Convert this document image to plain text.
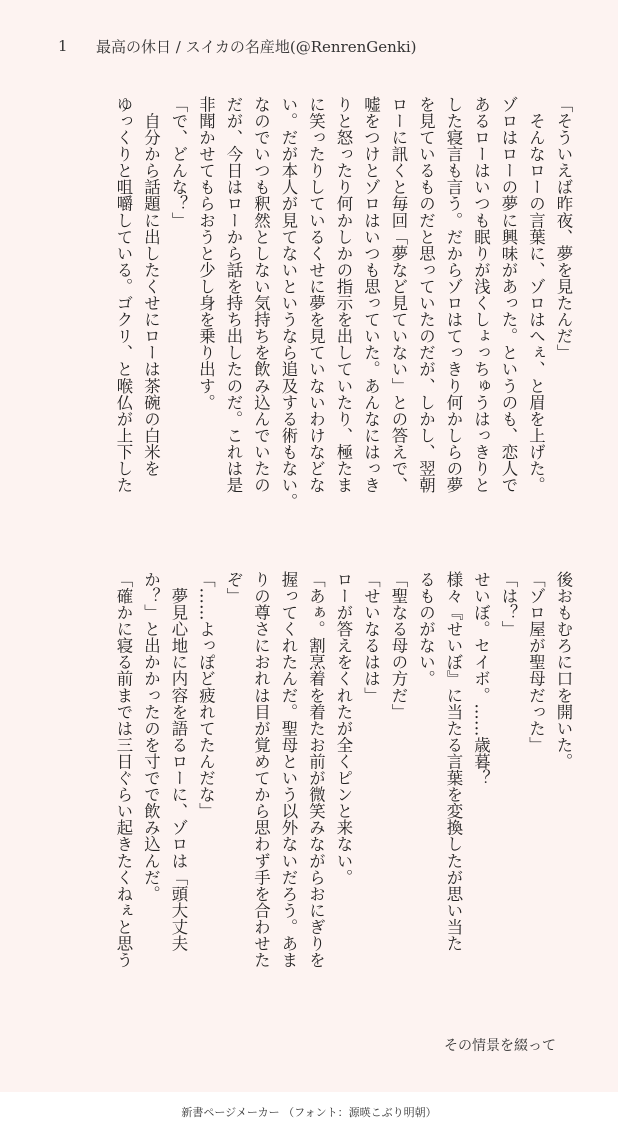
1	最高の休日 / スイカの名産地(@RenrenGenki)
「そういえば昨夜、夢を見たんだ」
　そんなローの言葉に、ゾロはへぇ、と眉を上げた。
ゾロはローの夢に興味があった。というのも、恋人で
あるローはいつも眠りが浅くしょっちゅうはっきりと
した寝言も言う。だからゾロはてっきり何かしらの夢
を見ているものだと思っていたのだが、しかし、翌朝
ローに訊くと毎回「夢など見ていない」との答えで、
嘘をつけとゾロはいつも思っていた。あんなにはっき
りと怒ったり何かしかの指示を出していたり、極たま
に笑ったりしているくせに夢を見ていないわけなどな
い。だが本人が見てないというなら追及する術もない。
なのでいつも釈然としない気持ちを飲み込んでいたの
だが、今日はローから話を持ち出したのだ。これは是
非聞かせてもらおうと少し身を乗り出す。
「で、どんな？」
　自分から話題に出したくせにローは茶碗の白米を
ゆっくりと咀嚼している。ゴクリ、と喉仏が上下した
後おもむろに口を開いた。
「ゾロ屋が聖母だった」
「は？」
せいぼ。セイボ。……歳暮？
様々『せいぼ』に当たる言葉を変換したが思い当た
るものがない。
「聖なる母の方だ」
「せいなるはは」
ローが答えをくれたが全くピンと来ない。
「あぁ。割烹着を着たお前が微笑みながらおにぎりを
握ってくれたんだ。聖母という以外ないだろう。あま
りの尊さにおれは目が覚めてから思わず手を合わせた
ぞ」
「……よっぽど疲れてたんだな」
　夢見心地に内容を語るローに、ゾロは「頭大丈夫
か？」と出かかったのを寸でで飲み込んだ。
「確かに寝る前までは三日ぐらい起きたくねぇと思う
その情景を綴って
新書ページメーカー （フォント：源暎こぶり明朝）
